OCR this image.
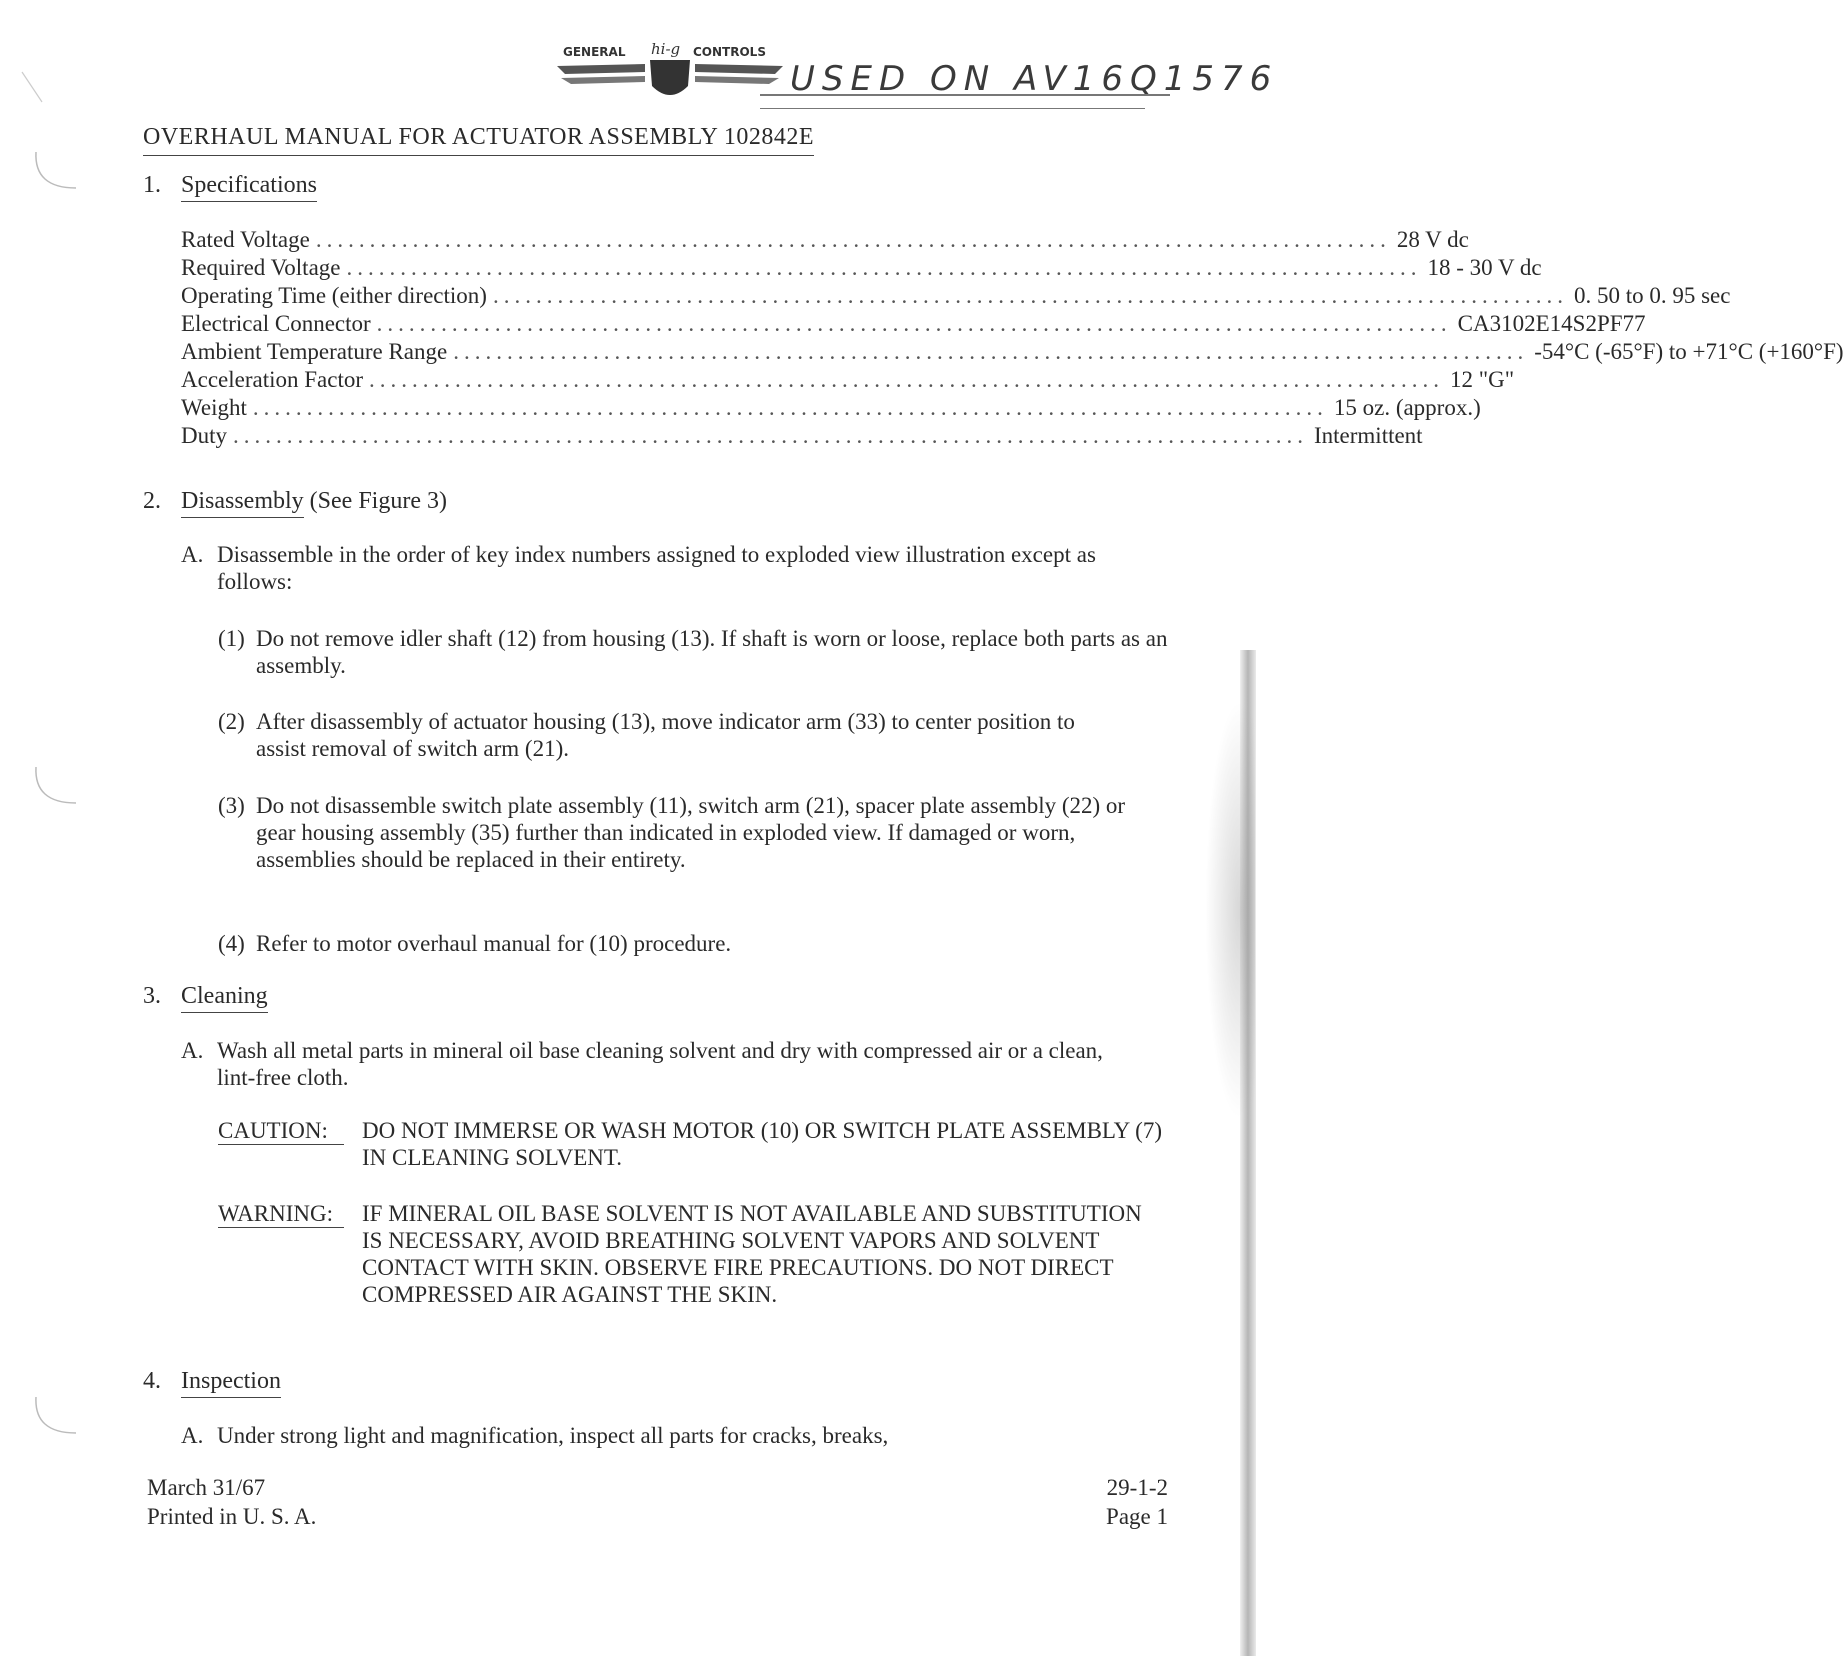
GENERAL hi-g CONTROLS
USED ON AV16Q1576
OVERHAUL MANUAL FOR ACTUATOR ASSEMBLY 102842E
1. Specifications
Rated Voltage .................................................................................................... 28 V dc
Required Voltage .................................................................................................... 18 - 30 V dc
Operating Time (either direction) .................................................................................................... 0. 50 to 0. 95 sec
Electrical Connector .................................................................................................... CA3102E14S2PF77
Ambient Temperature Range .................................................................................................... -54°C (-65°F) to +71°C (+160°F)
Acceleration Factor .................................................................................................... 12 "G"
Weight .................................................................................................... 15 oz. (approx.)
Duty .................................................................................................... Intermittent
2. Disassembly (See Figure 3)
A. Disassemble in the order of key index numbers assigned to exploded view illustration except as follows:
(1) Do not remove idler shaft (12) from housing (13). If shaft is worn or loose, replace both parts as an assembly.
(2) After disassembly of actuator housing (13), move indicator arm (33) to center position to assist removal of switch arm (21).
(3) Do not disassemble switch plate assembly (11), switch arm (21), spacer plate assembly (22) or gear housing assembly (35) further than indicated in exploded view. If damaged or worn, assemblies should be replaced in their entirety.
(4) Refer to motor overhaul manual for (10) procedure.
3. Cleaning
A. Wash all metal parts in mineral oil base cleaning solvent and dry with compressed air or a clean, lint-free cloth.
CAUTION:	DO NOT IMMERSE OR WASH MOTOR (10) OR SWITCH PLATE ASSEMBLY (7) IN CLEANING SOLVENT.
WARNING:	IF MINERAL OIL BASE SOLVENT IS NOT AVAILABLE AND SUBSTITUTION IS NECESSARY, AVOID BREATHING SOLVENT VAPORS AND SOLVENT CONTACT WITH SKIN. OBSERVE FIRE PRECAUTIONS. DO NOT DIRECT COMPRESSED AIR AGAINST THE SKIN.
4. Inspection
A. Under strong light and magnification, inspect all parts for cracks, breaks,
March 31/67
Printed in U. S. A.
29-1-2
Page 1
